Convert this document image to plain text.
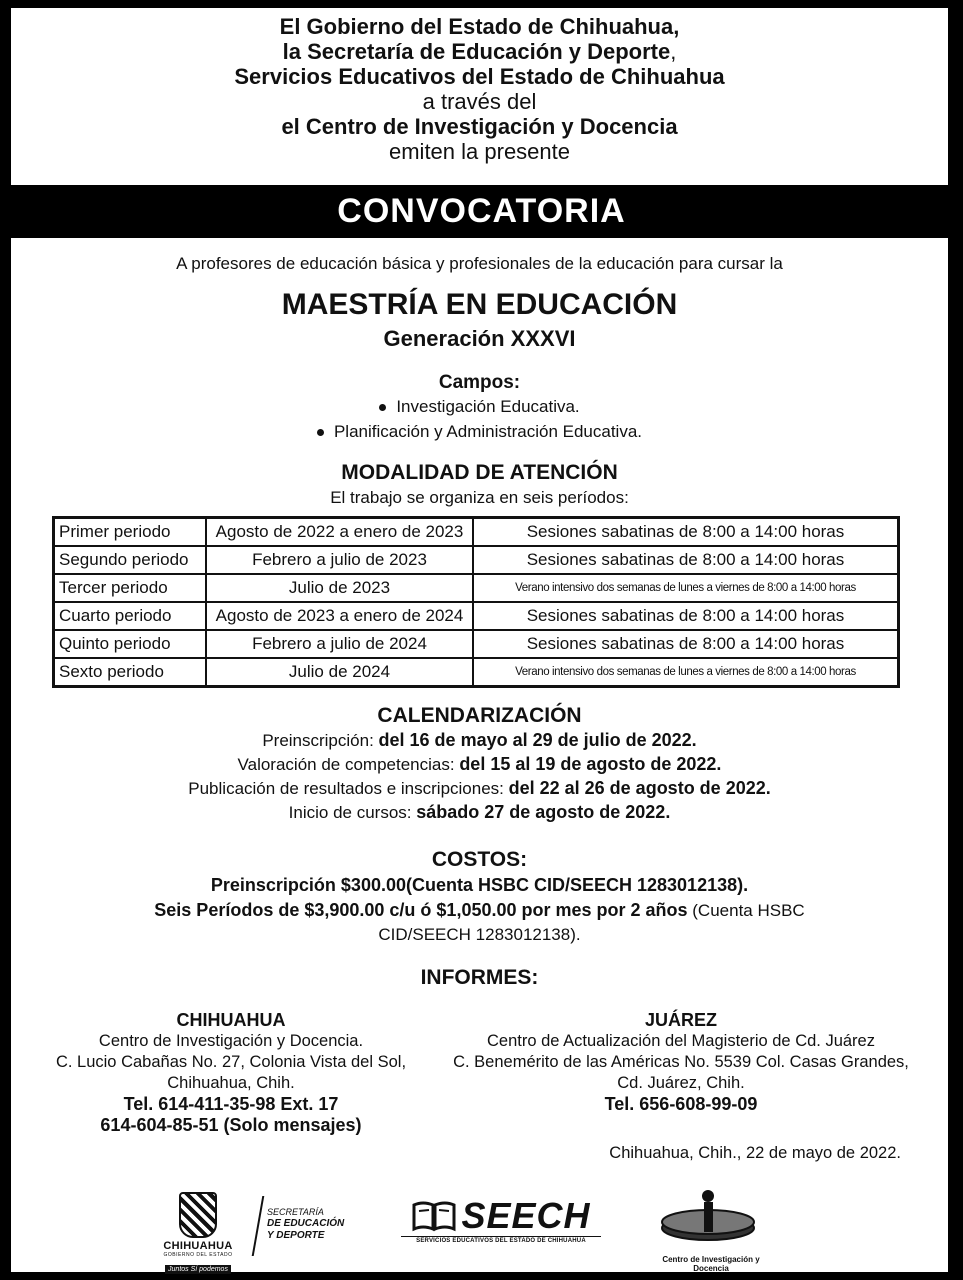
El Gobierno del Estado de Chihuahua,
la Secretaría de Educación y Deporte,
Servicios Educativos del Estado de Chihuahua
a través del
el Centro de Investigación y Docencia
emiten la presente
CONVOCATORIA
A profesores de educación básica y profesionales de la educación para cursar la
MAESTRÍA EN EDUCACIÓN
Generación XXXVI
Campos:
Investigación Educativa.
Planificación y Administración Educativa.
MODALIDAD DE ATENCIÓN
El trabajo se organiza en seis períodos:
Primer periodo	Agosto de 2022 a enero de 2023	Sesiones sabatinas de 8:00 a 14:00 horas
Segundo periodo	Febrero a julio de 2023	Sesiones sabatinas de 8:00 a 14:00 horas
Tercer periodo	Julio de 2023	Verano intensivo dos semanas de lunes a viernes de 8:00 a 14:00 horas
Cuarto periodo	Agosto de 2023 a enero de 2024	Sesiones sabatinas de 8:00 a 14:00 horas
Quinto periodo	Febrero a julio de 2024	Sesiones sabatinas de 8:00 a 14:00 horas
Sexto periodo	Julio de 2024	Verano intensivo dos semanas de lunes a viernes de 8:00 a 14:00 horas
CALENDARIZACIÓN
Preinscripción: del 16 de mayo al 29 de julio de 2022.
Valoración de competencias: del 15 al 19 de agosto de 2022.
Publicación de resultados e inscripciones: del 22 al 26 de agosto de 2022.
Inicio de cursos: sábado 27 de agosto de 2022.
COSTOS:
Preinscripción $300.00(Cuenta HSBC CID/SEECH 1283012138).
Seis Períodos de $3,900.00 c/u ó $1,050.00 por mes por 2 años (Cuenta HSBC
CID/SEECH 1283012138).
INFORMES:
CHIHUAHUA
Centro de Investigación y Docencia.
C. Lucio Cabañas No. 27, Colonia Vista del Sol,
Chihuahua, Chih.
Tel. 614-411-35-98 Ext. 17
614-604-85-51 (Solo mensajes)
JUÁREZ
Centro de Actualización del Magisterio de Cd. Juárez
C. Benemérito de las Américas No. 5539 Col. Casas Grandes,
Cd. Juárez, Chih.
Tel. 656-608-99-09
Chihuahua, Chih., 22 de mayo de 2022.
CHIHUAHUA
GOBIERNO DEL ESTADO
Juntos Sí podemos
SECRETARÍA
DE EDUCACIÓN
Y DEPORTE	SEECH
SERVICIOS EDUCATIVOS DEL ESTADO DE CHIHUAHUA
Centro de Investigación y Docencia
